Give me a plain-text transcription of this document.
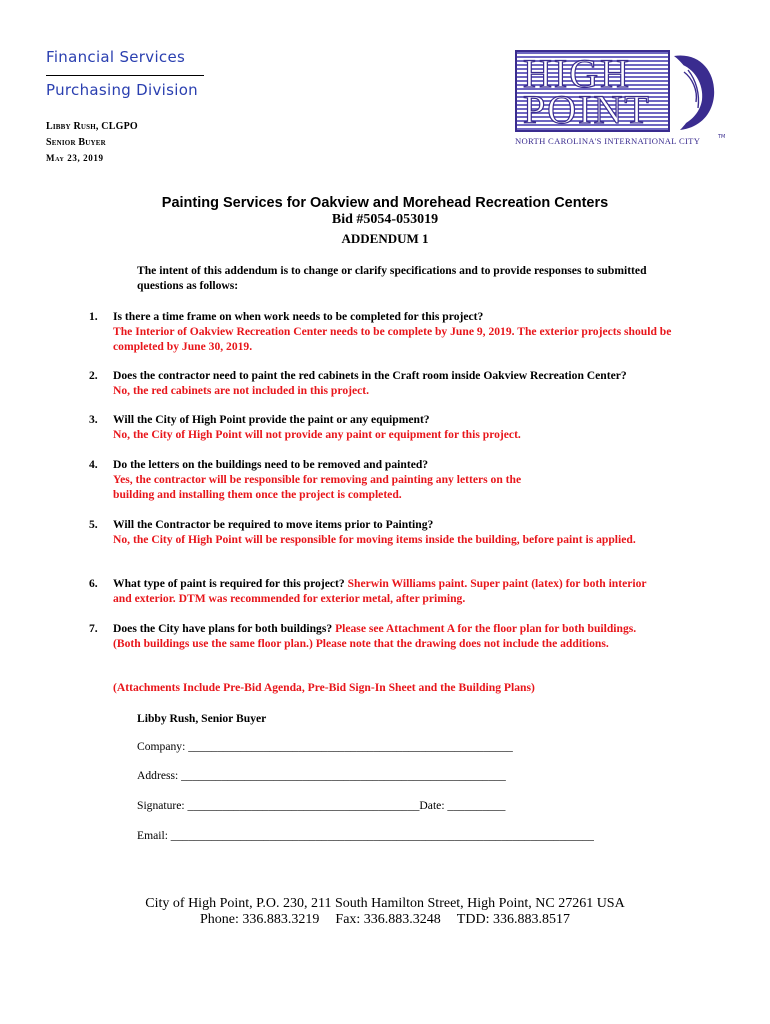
Financial Services
Purchasing Division
Libby Rush, CLGPO
Senior Buyer
May 23, 2019
HIGH
POINT
NORTH CAROLINA'S INTERNATIONAL CITY	TM
Painting Services for Oakview and Morehead Recreation Centers
Bid #5054-053019
ADDENDUM 1
The intent of this addendum is to change or clarify specifications and to provide responses to submitted questions as follows:
1.	Is there a time frame on when work needs to be completed for this project?
The Interior of Oakview Recreation Center needs to be complete by June 9, 2019. The exterior projects should be completed by June 30, 2019.
2.	Does the contractor need to paint the red cabinets in the Craft room inside Oakview Recreation Center?
No, the red cabinets are not included in this project.
3.	Will the City of High Point provide the paint or any equipment?
No, the City of High Point will not provide any paint or equipment for this project.
4.	Do the letters on the buildings need to be removed and painted?
Yes, the contractor will be responsible for removing and painting any letters on the building and installing them once the project is completed.
5.	Will the Contractor be required to move items prior to Painting?
No, the City of High Point will be responsible for moving items inside the building, before paint is applied.
6.	What type of paint is required for this project? Sherwin Williams paint. Super paint (latex) for both interior and exterior. DTM was recommended for exterior metal, after priming.
7.	Does the City have plans for both buildings? Please see Attachment A for the floor plan for both buildings. (Both buildings use the same floor plan.) Please note that the drawing does not include the additions.
(Attachments Include Pre-Bid Agenda, Pre-Bid Sign-In Sheet and the Building Plans)
Libby Rush, Senior Buyer
Company: ________________________________________________________
Address: ________________________________________________________
Signature: ________________________________________Date: __________
Email: _________________________________________________________________________
City of High Point, P.O. 230, 211 South Hamilton Street, High Point, NC 27261 USA
Phone: 336.883.3219 Fax: 336.883.3248 TDD: 336.883.8517
